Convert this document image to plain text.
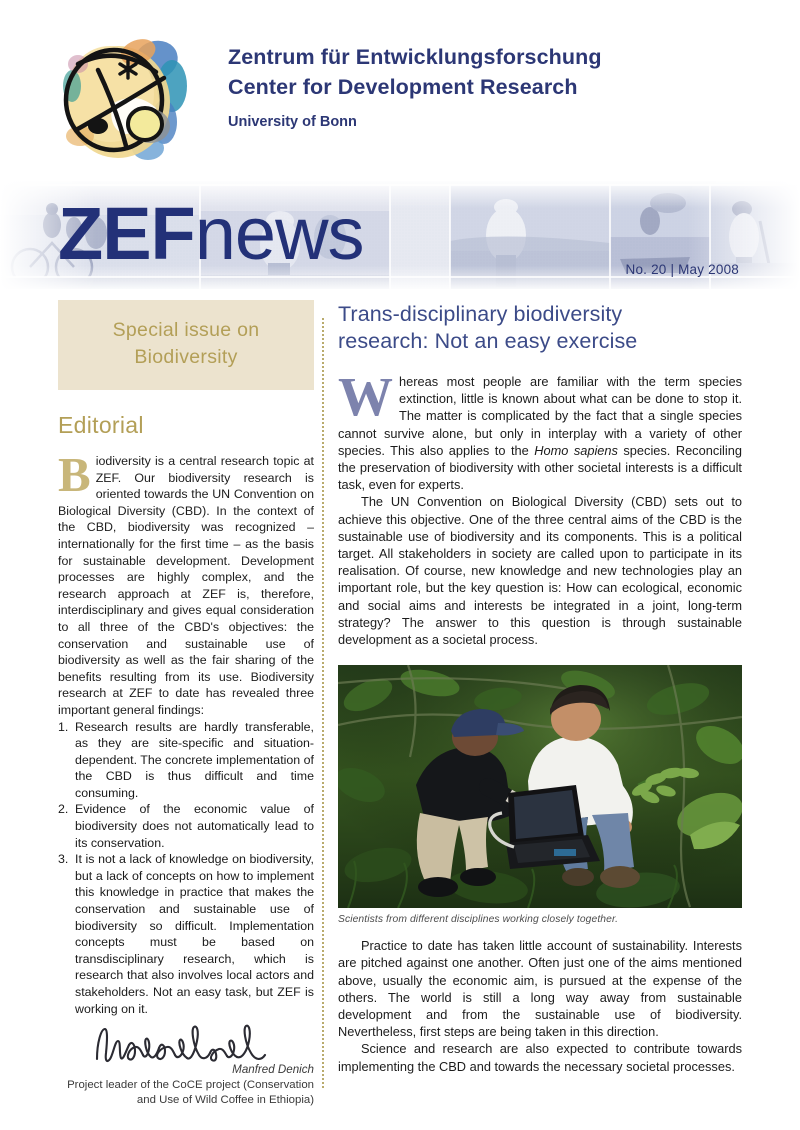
Zentrum für Entwicklungsforschung
Center for Development Research
University of Bonn
ZEFnews	No. 20 | May 2008
Special issue on
Biodiversity
Editorial

Biodiversity is a central research topic at ZEF. Our biodiversity research is oriented towards the UN Convention on Biological Diversity (CBD). In the context of the CBD, biodiversity was recognized – internationally for the first time – as the basis for sustainable development. Development processes are highly complex, and the research approach at ZEF is, therefore, interdisciplinary and gives equal consideration to all three of the CBD's objectives: the conservation and sustainable use of biodiversity as well as the fair sharing of the benefits resulting from its use. Biodiversity research at ZEF to date has revealed three important general findings:

1. Research results are hardly transferable, as they are site-specific and situation-dependent. The concrete implementation of the CBD is thus difficult and time consuming.
2. Evidence of the economic value of biodiversity does not automatically lead to its conservation.
3. It is not a lack of knowledge on biodiversity, but a lack of concepts on how to implement this knowledge in practice that makes the conservation and sustainable use of biodiversity so difficult. Implementation concepts must be based on transdisciplinary research, which is research that also involves local actors and stakeholders. Not an easy task, but ZEF is working on it.
Manfred Denich
Project leader of the CoCE project (Conservation and Use of Wild Coffee in Ethiopia)
Trans-disciplinary biodiversity
research: Not an easy exercise

Whereas most people are familiar with the term species extinction, little is known about what can be done to stop it. The matter is complicated by the fact that a single species cannot survive alone, but only in interplay with a variety of other species. This also applies to the Homo sapiens species. Reconciling the preservation of biodiversity with other societal interests is a difficult task, even for experts.

The UN Convention on Biological Diversity (CBD) sets out to achieve this objective. One of the three central aims of the CBD is the sustainable use of biodiversity and its components. This is a political target. All stakeholders in society are called upon to participate in its realisation. Of course, new knowledge and new technologies play an important role, but the key question is: How can ecological, economic and social aims and interests be integrated in a joint, long-term strategy? The answer to this question is through sustainable development as a societal process.

Scientists from different disciplines working closely together.

Practice to date has taken little account of sustainability. Interests are pitched against one another. Often just one of the aims mentioned above, usually the economic aim, is pursued at the expense of the others. The world is still a long way away from sustainable development and from the sustainable use of biodiversity. Nevertheless, first steps are being taken in this direction.

Science and research are also expected to contribute towards implementing the CBD and towards the necessary societal processes.
